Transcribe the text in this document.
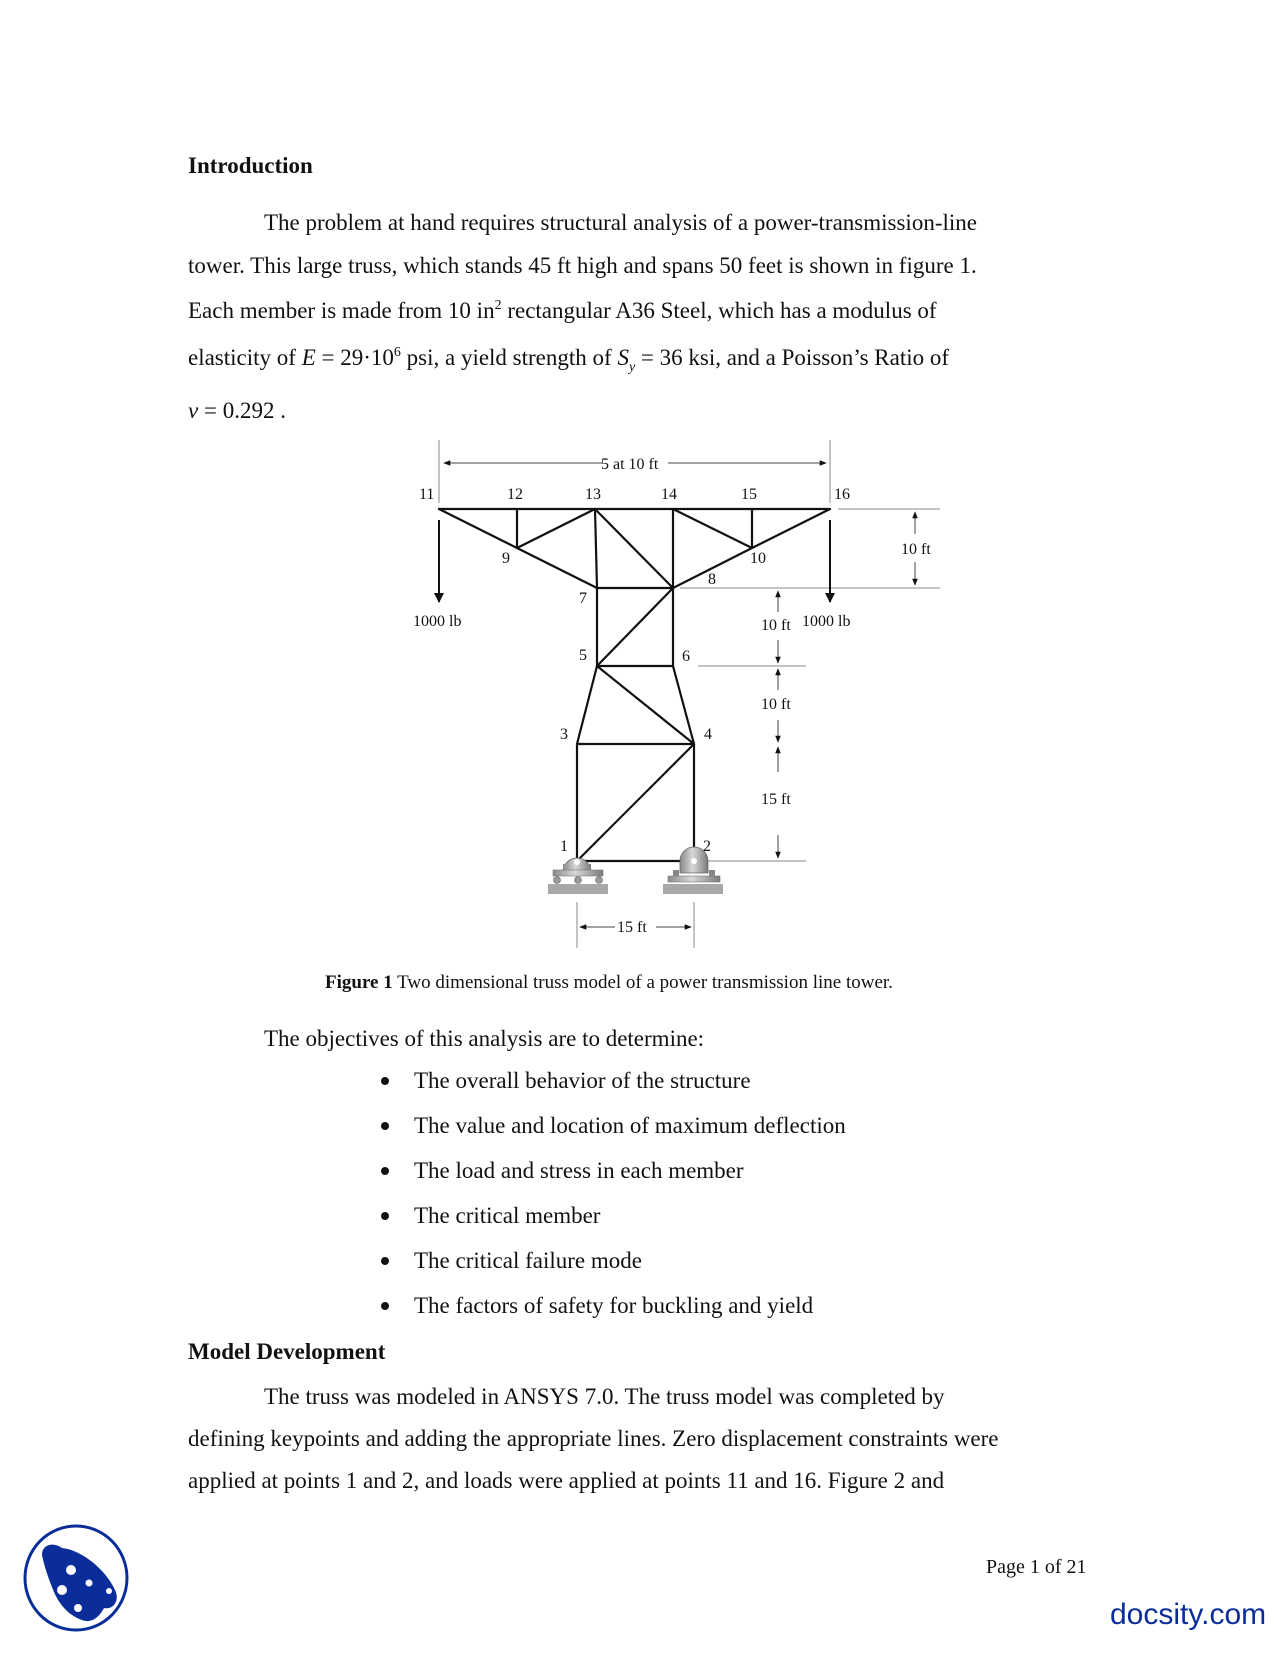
Introduction
The problem at hand requires structural analysis of a power-transmission-line
tower. This large truss, which stands 45 ft high and spans 50 feet is shown in figure 1.
Each member is made from 10 $in^2$ rectangular A36 Steel, which has a modulus of
elasticity of $E = 29\cdot 10^6$ psi, a yield strength of $S_y = 36$ ksi, and a Poisson’s Ratio of
ν = 0.292 .
5 at 10 ft
11	12	13	14	15	16
9	10
8
7
5	6
3	4
1	2
1000 lb	1000 lb
10 ft
10 ft
10 ft
15 ft
15 ft
Figure 1 Two dimensional truss model of a power transmission line tower.
The objectives of this analysis are to determine:
The overall behavior of the structure
The value and location of maximum deflection
The load and stress in each member
The critical member
The critical failure mode
The factors of safety for buckling and yield
Model Development
The truss was modeled in ANSYS 7.0. The truss model was completed by
defining keypoints and adding the appropriate lines. Zero displacement constraints were
applied at points 1 and 2, and loads were applied at points 11 and 16. Figure 2 and
Page 1 of 21
docsity.com
